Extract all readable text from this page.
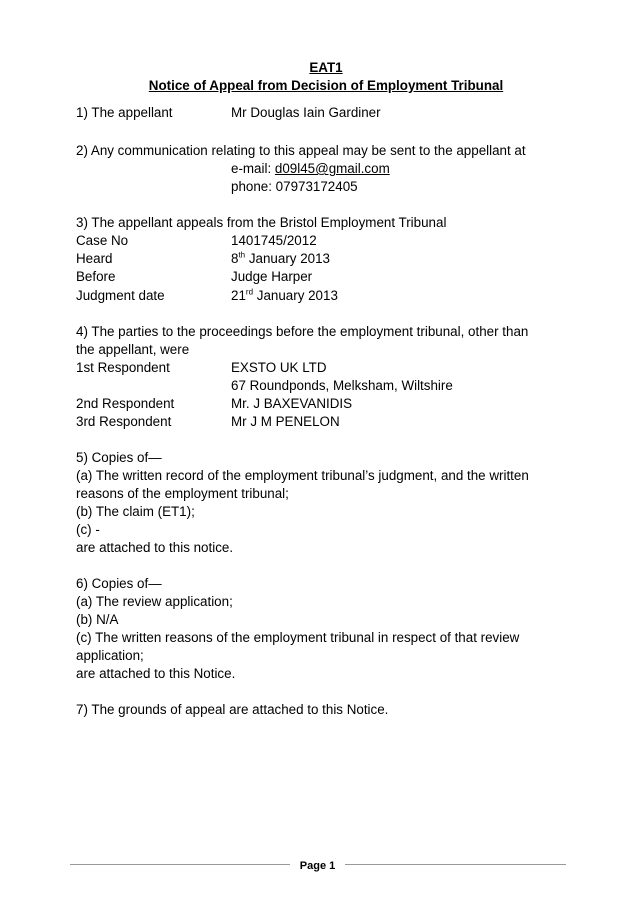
EAT1
Notice of Appeal from Decision of Employment Tribunal
1) The appellant	Mr Douglas Iain Gardiner
2) Any communication relating to this appeal may be sent to the appellant at
e-mail: d09l45@gmail.com
phone: 07973172405
3) The appellant appeals from the Bristol Employment Tribunal
Case No	1401745/2012
Heard	8th January 2013
Before	Judge Harper
Judgment date	21rd January 2013
4) The parties to the proceedings before the employment tribunal, other than
the appellant, were
1st Respondent	EXSTO UK LTD
67 Roundponds, Melksham, Wiltshire
2nd Respondent	Mr. J BAXEVANIDIS
3rd Respondent	Mr J M PENELON
5) Copies of—
(a) The written record of the employment tribunal’s judgment, and the written
reasons of the employment tribunal;
(b) The claim (ET1);
(c) -
are attached to this notice.
6) Copies of—
(a) The review application;
(b) N/A
(c) The written reasons of the employment tribunal in respect of that review
application;
are attached to this Notice.
7) The grounds of appeal are attached to this Notice.
Page 1
